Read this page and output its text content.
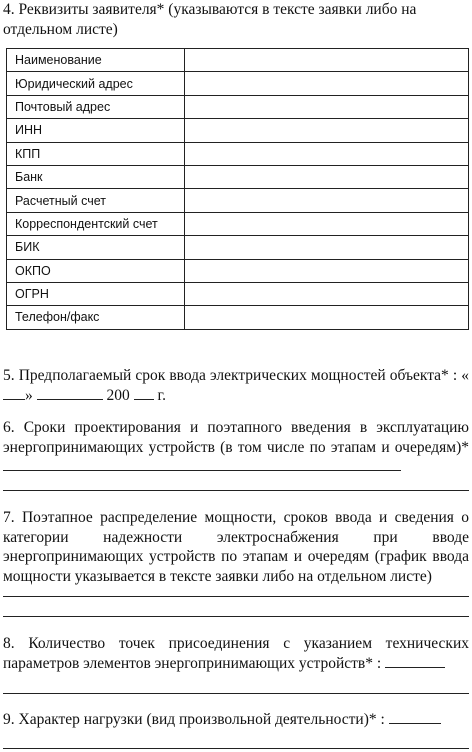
4. Реквизиты заявителя* (указываются в тексте заявки либо на отдельном листе)
Наименование	
Юридический адрес	
Почтовый адрес	
ИНН	
КПП	
Банк	
Расчетный счет	
Корреспондентский счет	
БИК	
ОКПО	
ОГРН	
Телефон/факс	

5. Предполагаемый срок ввода электрических мощностей объекта* : «»	200 г.

6. Сроки проектирования и поэтапного введения в эксплуатацию энергопринимающих устройств (в том числе по этапам и очередям)*

7. Поэтапное распределение мощности, сроков ввода и сведения о категории надежности электроснабжения при вводе энергопринимающих устройств по этапам и очередям (график ввода мощности указывается в тексте заявки либо на отдельном листе)

8. Количество точек присоединения с указанием технических параметров элементов энергопринимающих устройств* :

9. Характер нагрузки (вид произвольной деятельности)* :
